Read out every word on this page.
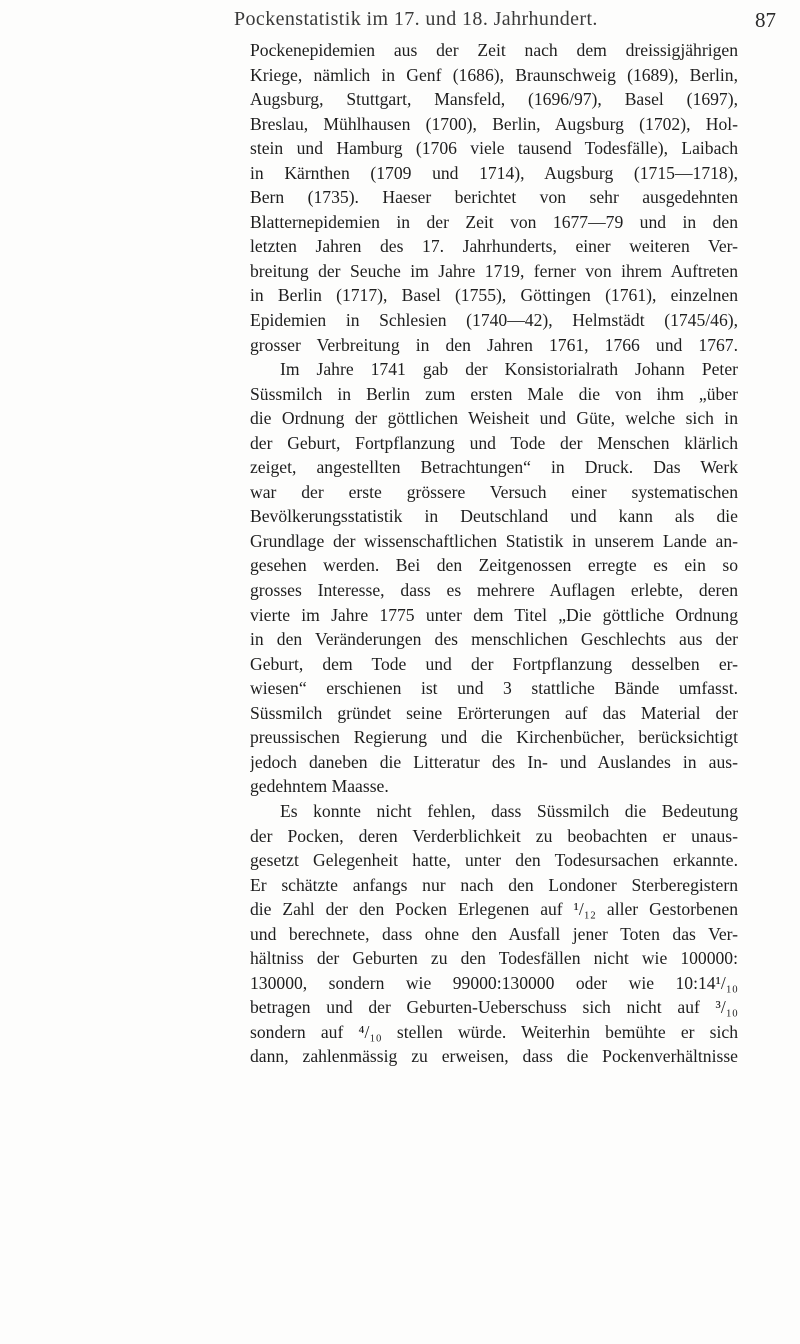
Pockenstatistik im 17. und 18. Jahrhundert.	87
Pockenepidemien aus der Zeit nach dem dreissigjährigen
Kriege, nämlich in Genf (1686), Braunschweig (1689), Berlin,
Augsburg, Stuttgart, Mansfeld, (1696/97), Basel (1697),
Breslau, Mühlhausen (1700), Berlin, Augsburg (1702), Hol-
stein und Hamburg (1706 viele tausend Todesfälle), Laibach
in Kärnthen (1709 und 1714), Augsburg (1715—1718),
Bern (1735). Haeser berichtet von sehr ausgedehnten
Blatternepidemien in der Zeit von 1677—79 und in den
letzten Jahren des 17. Jahrhunderts, einer weiteren Ver-
breitung der Seuche im Jahre 1719, ferner von ihrem Auftreten
in Berlin (1717), Basel (1755), Göttingen (1761), einzelnen
Epidemien in Schlesien (1740—42), Helmstädt (1745/46),
grosser Verbreitung in den Jahren 1761, 1766 und 1767.
Im Jahre 1741 gab der Konsistorialrath Johann Peter
Süssmilch in Berlin zum ersten Male die von ihm „über
die Ordnung der göttlichen Weisheit und Güte, welche sich in
der Geburt, Fortpflanzung und Tode der Menschen klärlich
zeiget, angestellten Betrachtungen“ in Druck. Das Werk
war der erste grössere Versuch einer systematischen
Bevölkerungsstatistik in Deutschland und kann als die
Grundlage der wissenschaftlichen Statistik in unserem Lande an-
gesehen werden. Bei den Zeitgenossen erregte es ein so
grosses Interesse, dass es mehrere Auflagen erlebte, deren
vierte im Jahre 1775 unter dem Titel „Die göttliche Ordnung
in den Veränderungen des menschlichen Geschlechts aus der
Geburt, dem Tode und der Fortpflanzung desselben er-
wiesen“ erschienen ist und 3 stattliche Bände umfasst.
Süssmilch gründet seine Erörterungen auf das Material der
preussischen Regierung und die Kirchenbücher, berücksichtigt
jedoch daneben die Litteratur des In- und Auslandes in aus-
gedehntem Maasse.
Es konnte nicht fehlen, dass Süssmilch die Bedeutung
der Pocken, deren Verderblichkeit zu beobachten er unaus-
gesetzt Gelegenheit hatte, unter den Todesursachen erkannte.
Er schätzte anfangs nur nach den Londoner Sterberegistern
die Zahl der den Pocken Erlegenen auf ¹/₁₂ aller Gestorbenen
und berechnete, dass ohne den Ausfall jener Toten das Ver-
hältniss der Geburten zu den Todesfällen nicht wie 100000:
130000, sondern wie 99000:130000 oder wie 10:14¹/₁₀
betragen und der Geburten-Ueberschuss sich nicht auf ³/₁₀
sondern auf ⁴/₁₀ stellen würde. Weiterhin bemühte er sich
dann, zahlenmässig zu erweisen, dass die Pockenverhältnisse
